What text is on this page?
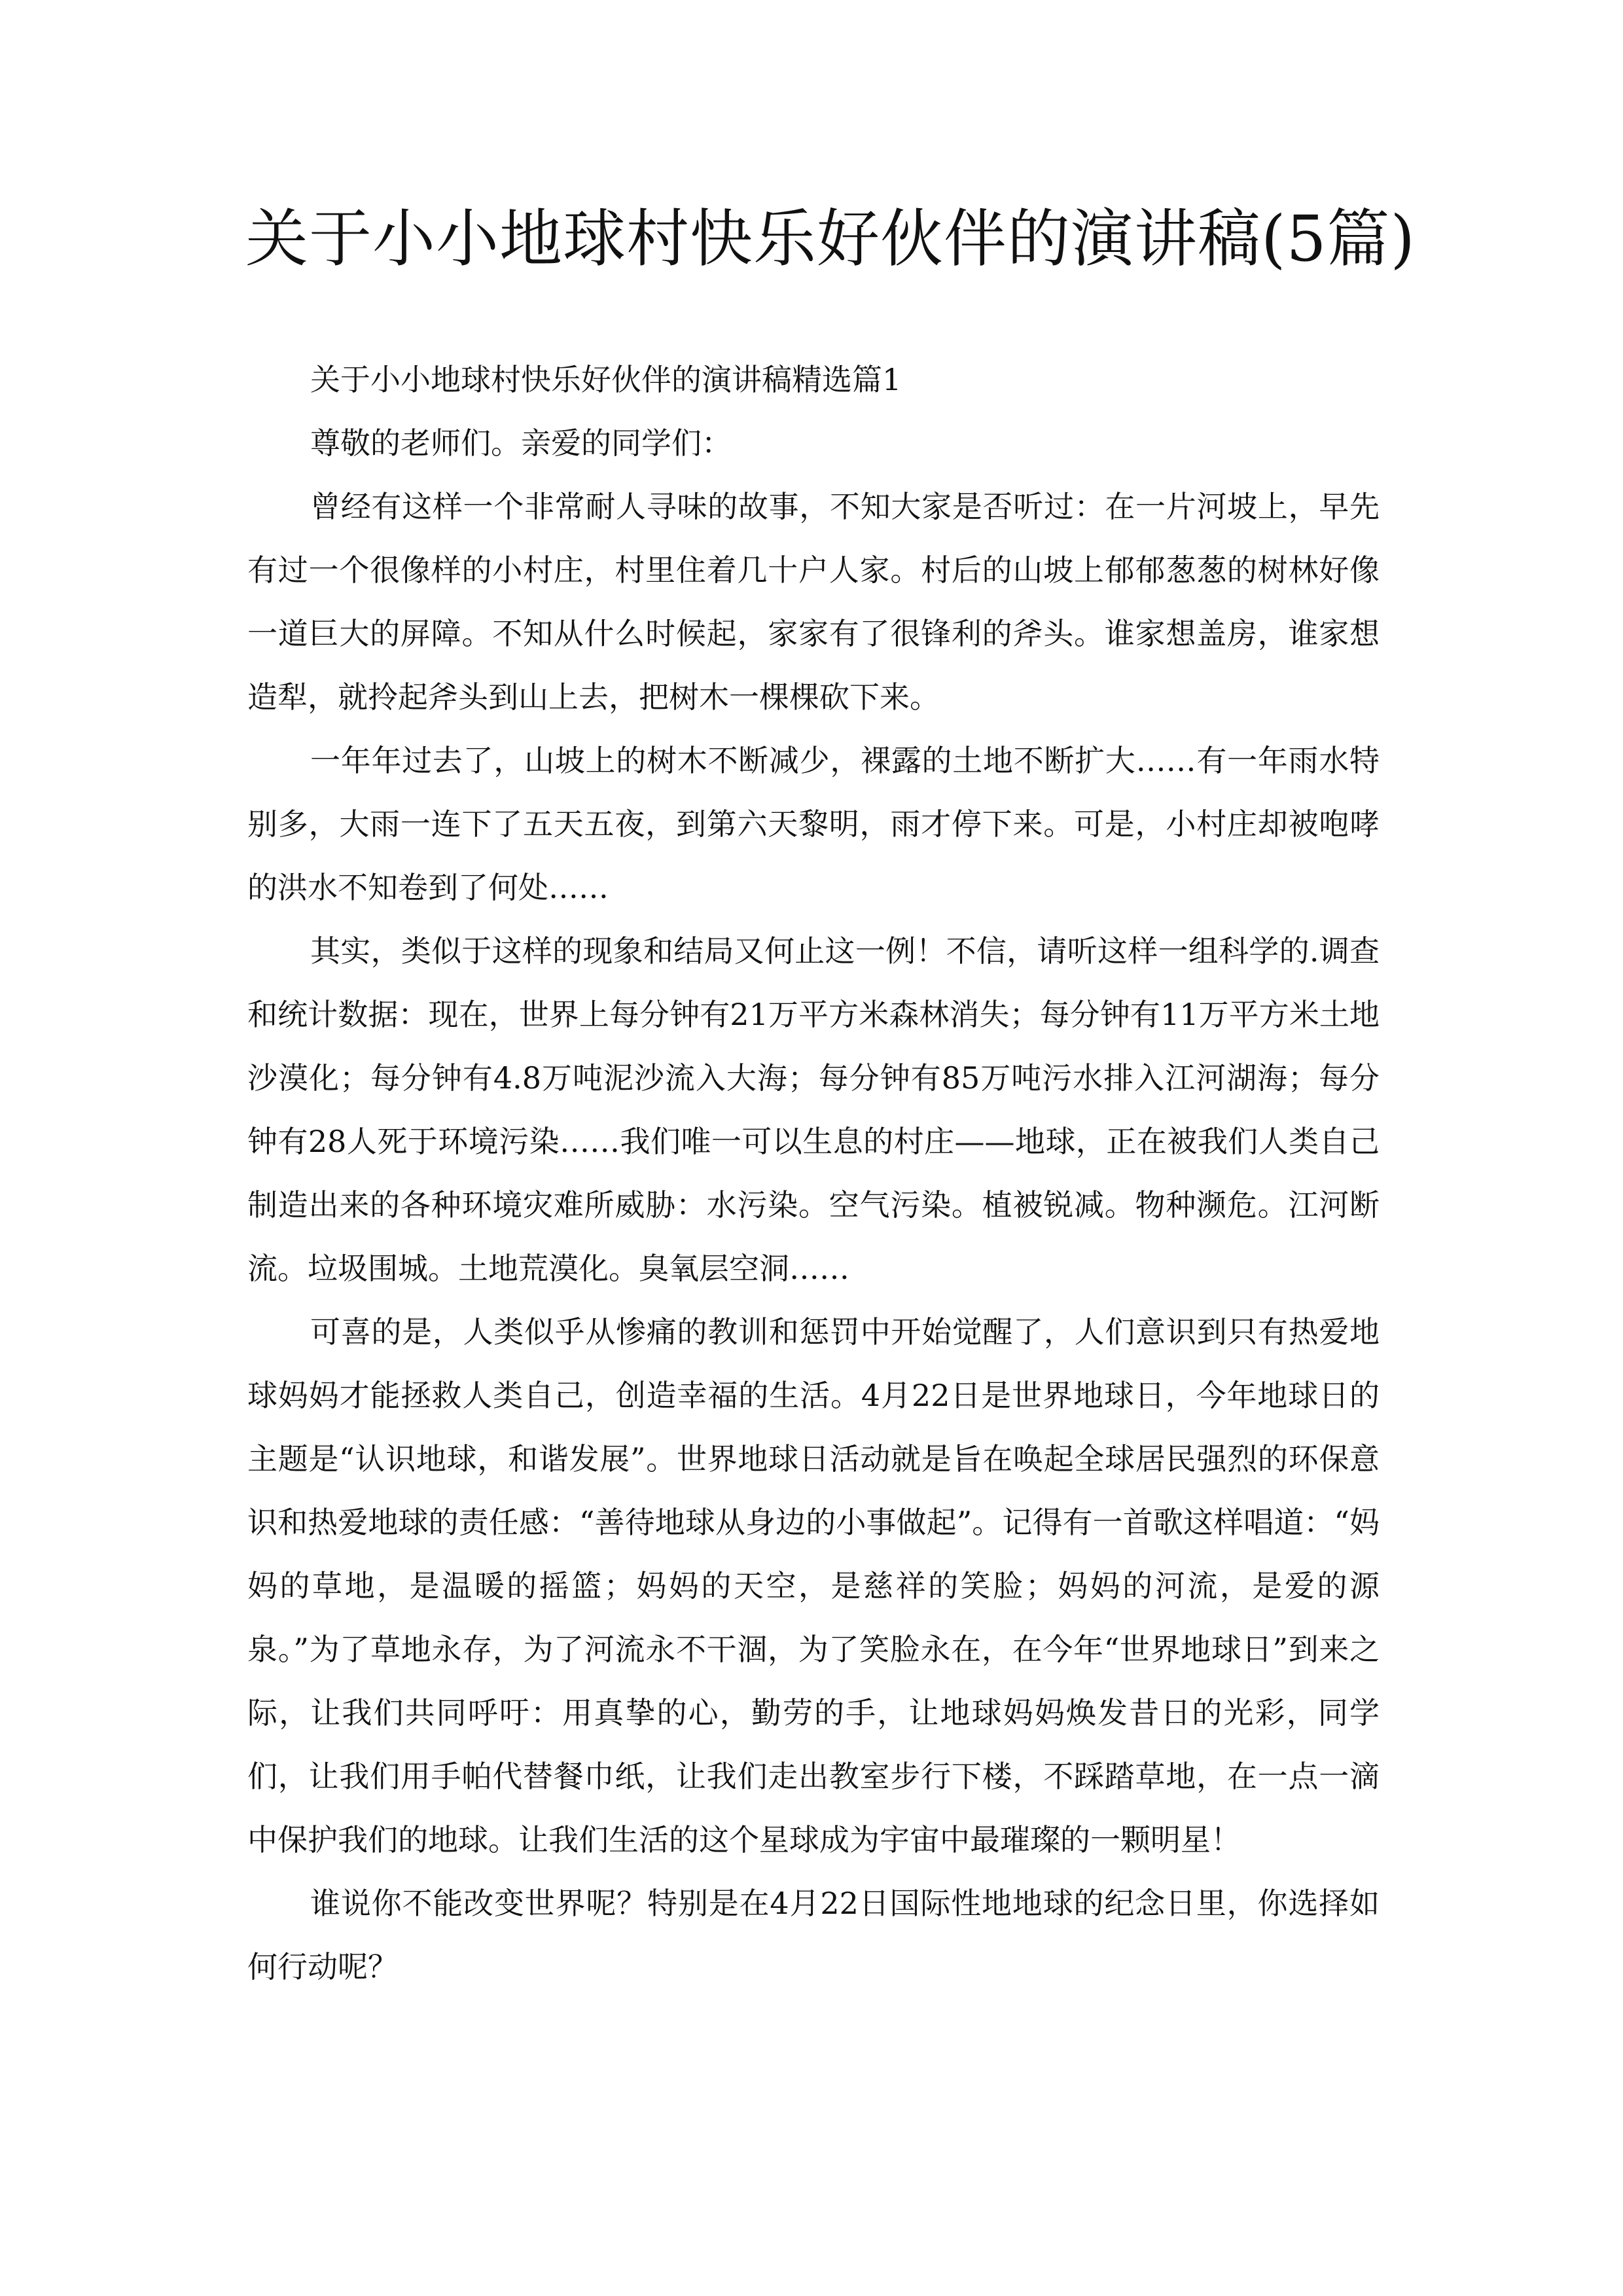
关于小小地球村快乐好伙伴的演讲稿(5篇)

关于小小地球村快乐好伙伴的演讲稿精选篇1

尊敬的老师们。亲爱的同学们：

曾经有这样一个非常耐人寻味的故事，不知大家是否听过：在一片河坡上，早先有过一个很像样的小村庄，村里住着几十户人家。村后的山坡上郁郁葱葱的树林好像一道巨大的屏障。不知从什么时候起，家家有了很锋利的斧头。谁家想盖房，谁家想造犁，就拎起斧头到山上去，把树木一棵棵砍下来。

一年年过去了，山坡上的树木不断减少，裸露的土地不断扩大……有一年雨水特别多，大雨一连下了五天五夜，到第六天黎明，雨才停下来。可是，小村庄却被咆哮的洪水不知卷到了何处……

其实，类似于这样的现象和结局又何止这一例！不信，请听这样一组科学的.调查和统计数据：现在，世界上每分钟有21万平方米森林消失；每分钟有11万平方米土地沙漠化；每分钟有4.8万吨泥沙流入大海；每分钟有85万吨污水排入江河湖海；每分钟有28人死于环境污染……我们唯一可以生息的村庄——地球，正在被我们人类自己制造出来的各种环境灾难所威胁：水污染。空气污染。植被锐减。物种濒危。江河断流。垃圾围城。土地荒漠化。臭氧层空洞……

可喜的是，人类似乎从惨痛的教训和惩罚中开始觉醒了，人们意识到只有热爱地球妈妈才能拯救人类自己，创造幸福的生活。4月22日是世界地球日，今年地球日的主题是“认识地球，和谐发展”。世界地球日活动就是旨在唤起全球居民强烈的环保意识和热爱地球的责任感：“善待地球从身边的小事做起”。记得有一首歌这样唱道：“妈妈的草地，是温暖的摇篮；妈妈的天空，是慈祥的笑脸；妈妈的河流，是爱的源泉。”为了草地永存，为了河流永不干涸，为了笑脸永在，在今年“世界地球日”到来之际，让我们共同呼吁：用真挚的心，勤劳的手，让地球妈妈焕发昔日的光彩，同学们，让我们用手帕代替餐巾纸，让我们走出教室步行下楼，不踩踏草地，在一点一滴中保护我们的地球。让我们生活的这个星球成为宇宙中最璀璨的一颗明星！

谁说你不能改变世界呢？特别是在4月22日国际性地地球的纪念日里，你选择如何行动呢？
